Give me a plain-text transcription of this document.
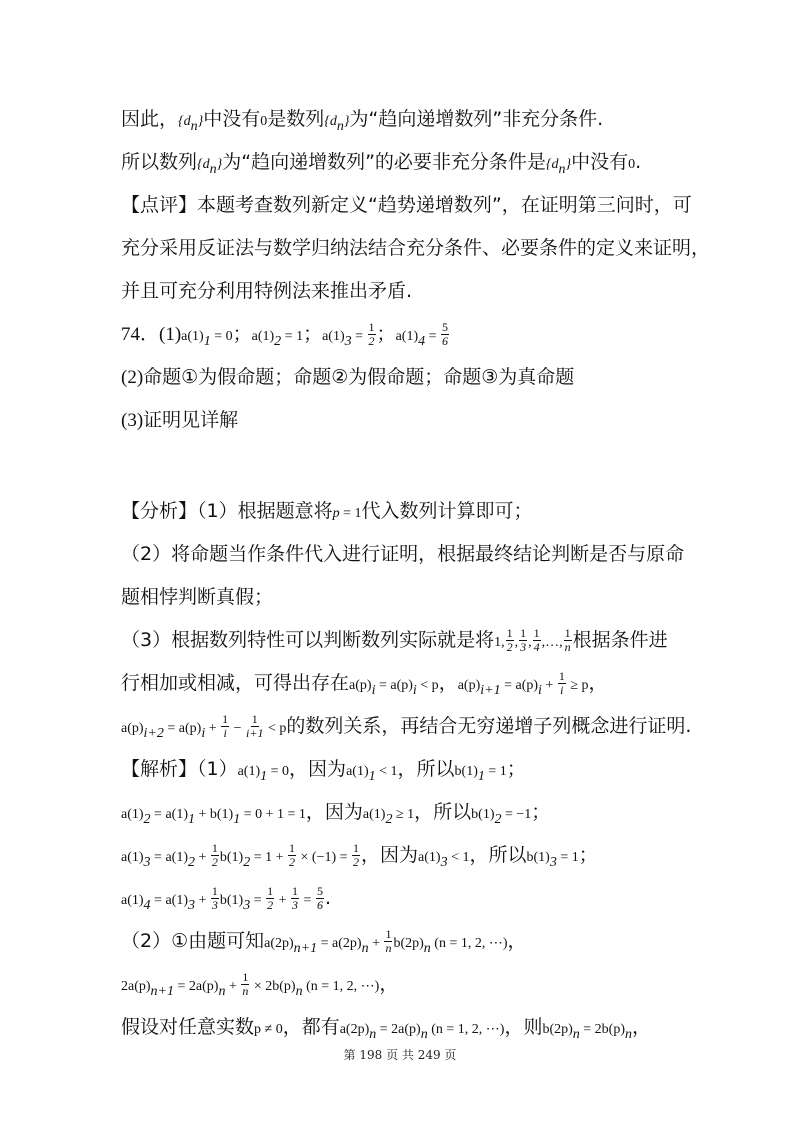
因此，$\{d_n\}$中没有0是数列$\{d_n\}$为“趋向递增数列”非充分条件.
所以数列$\{d_n\}$为“趋向递增数列”的必要非充分条件是$\{d_n\}$中没有0.
【点评】本题考查数列新定义“趋势递增数列”，在证明第三问时，可
充分采用反证法与数学归纳法结合充分条件、必要条件的定义来证明，
并且可充分利用特例法来推出矛盾.
74．$(1)a(1)_1 = 0$；$a(1)_2 = 1$；$a(1)_3 = \frac{1}{2}$ ；$a(1)_4 = \frac{5}{6}$
(2)命题①为假命题；命题②为假命题；命题③为真命题
(3)证明见详解
【分析】（1）根据题意将p = 1代入数列计算即可；
（2）将命题当作条件代入进行证明，根据最终结论判断是否与原命
题相悖判断真假；
（3）根据数列特性可以判断数列实际就是将1, $\frac{1}{2}$ , $\frac{1}{3}$ , $\frac{1}{4}$ ,…, $\frac{1}{n}$ 根据条件进
行相加或相减，可得出存在$a(p)_i = a(p)_i < p$，$a(p)_{i+1} = a(p)_i + \frac{1}{i} \ge p$，
$a(p)_{i+2} = a(p)_i + \frac{1}{i} - \frac{1}{i+1} < p$的数列关系，再结合无穷递增子列概念进行证明.
【解析】$(1)a(1)_1 = 0$，因为$a(1)_1 < 1$，所以$b(1)_1 = 1$；
$a(1)_2 = a(1)_1 + b(1)_1 = 0 + 1 = 1$，因为$a(1)_2 \ge 1$，所以$b(1)_2 = -1$；
$a(1)_3 = a(1)_2 + \frac{1}{2} b(1)_2 = 1 + \frac{1}{2} \times (-1) = \frac{1}{2}$ ，因为$a(1)_3 < 1$，所以$b(1)_3 = 1$；
$a(1)_4 = a(1)_3 + \frac{1}{3} b(1)_3 = \frac{1}{2} + \frac{1}{3} = \frac{5}{6}$ .
（2）①由题可知$a(2p)_{n+1} = a(2p)_n + \frac{1}{n} b(2p)_n$ (n = 1, 2, ⋯)，
$2a(p)_{n+1} = 2a(p)_n + \frac{1}{n} \times 2b(p)_n$ (n = 1, 2, ⋯)，
假设对任意实数p ≠ 0，都有$a(2p)_n = 2a(p)_n$ (n = 1, 2, ⋯)，则$b(2p)_n = 2b(p)_n$，
第 198 页 共 249 页
